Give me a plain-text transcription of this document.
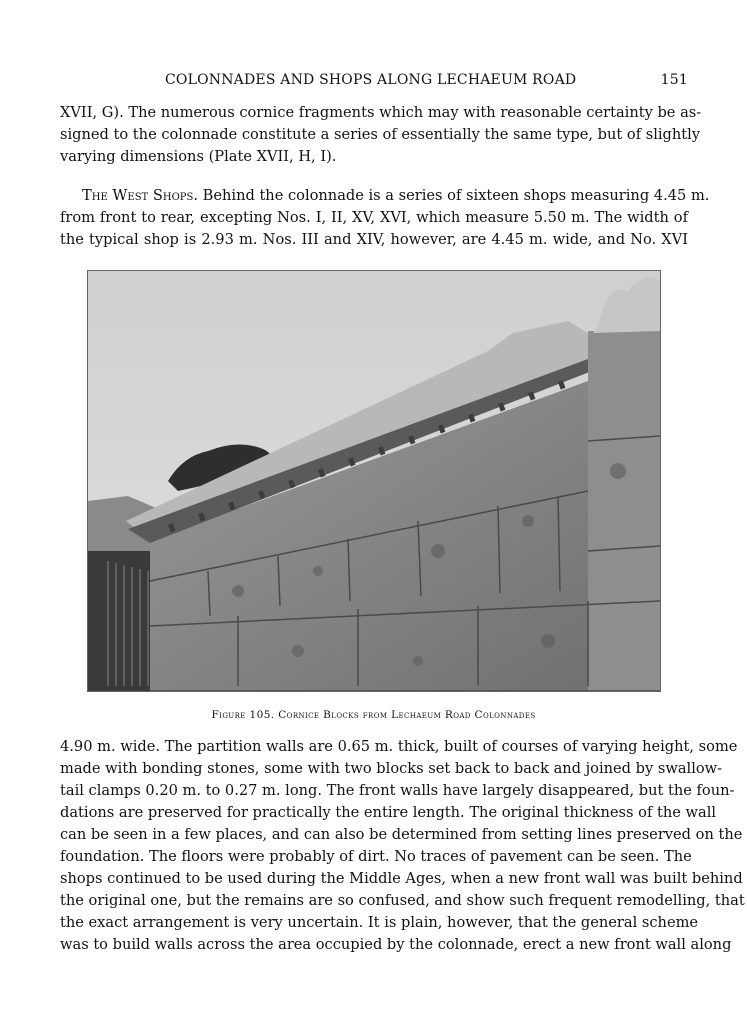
COLONNADES AND SHOPS ALONG LECHAEUM ROAD	151
XVII, G). The numerous cornice fragments which may with reasonable certainty be as-
signed to the colonnade constitute a series of essentially the same type, but of slightly
varying dimensions (Plate XVII, H, I).
The West Shops. Behind the colonnade is a series of sixteen shops measuring 4.45 m.
from front to rear, excepting Nos. I, II, XV, XVI, which measure 5.50 m. The width of
the typical shop is 2.93 m. Nos. III and XIV, however, are 4.45 m. wide, and No. XVI
Figure 105. Cornice Blocks from Lechaeum Road Colonnades
4.90 m. wide. The partition walls are 0.65 m. thick, built of courses of varying height, some
made with bonding stones, some with two blocks set back to back and joined by swallow-
tail clamps 0.20 m. to 0.27 m. long. The front walls have largely disappeared, but the foun-
dations are preserved for practically the entire length. The original thickness of the wall
can be seen in a few places, and can also be determined from setting lines preserved on the
foundation. The floors were probably of dirt. No traces of pavement can be seen. The
shops continued to be used during the Middle Ages, when a new front wall was built behind
the original one, but the remains are so confused, and show such frequent remodelling, that
the exact arrangement is very uncertain. It is plain, however, that the general scheme
was to build walls across the area occupied by the colonnade, erect a new front wall along
